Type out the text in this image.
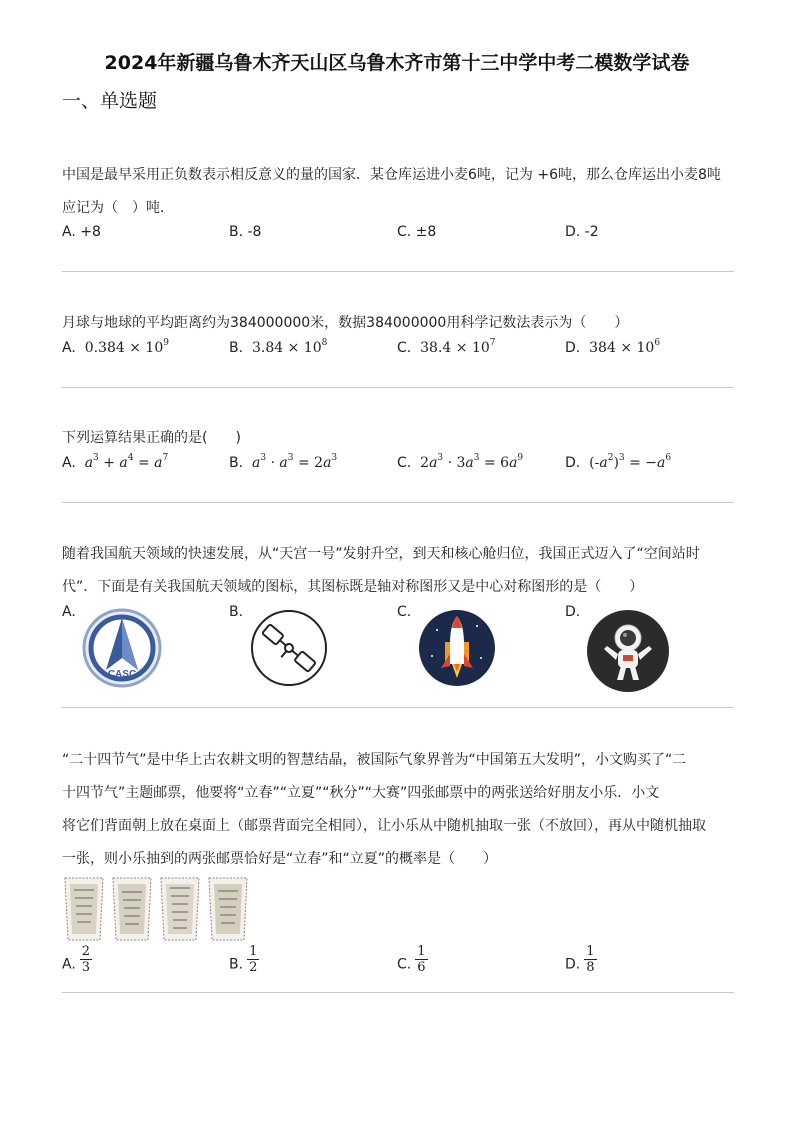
2024年新疆乌鲁木齐天山区乌鲁木齐市第十三中学中考二模数学试卷
一、单选题
中国是最早采用正负数表示相反意义的量的国家．某仓库运进小麦6吨，记为 +6吨，那么仓库运出小麦8吨
应记为（　）吨．
A. +8	B. -8	C. ±8	D. -2
月球与地球的平均距离约为384000000米，数据384000000用科学记数法表示为（　　）
A. $0.384 \times 10^9$	B. $3.84 \times 10^8$	C. $38.4 \times 10^7$	D. $384 \times 10^6$
下列运算结果正确的是(　　)
A. $a^3 + a^4 = a^7$	B. $a^3 \cdot a^3 = 2a^3$	C. $2a^3 \cdot 3a^3 = 6a^9$	D. $(-a^2)^3 = -a^6$
随着我国航天领域的快速发展，从“天宫一号”发射升空，到天和核心舱归位，我国正式迈入了“空间站时
代”．下面是有关我国航天领域的图标，其图标既是轴对称图形又是中心对称图形的是（　　）
A.
CASC
B.	C.	D.
“二十四节气”是中华上古农耕文明的智慧结晶，被国际气象界普为“中国第五大发明”，小文购买了“二
十四节气”主题邮票，他要将“立春”“立夏”“秋分”“大赛”四张邮票中的两张送给好朋友小乐．小文
将它们背面朝上放在桌面上（邮票背面完全相同），让小乐从中随机抽取一张（不放回），再从中随机抽取
一张，则小乐抽到的两张邮票恰好是“立春”和“立夏”的概率是（　　）
A. $\frac{2}{3}$	B. $\frac{1}{2}$	C. $\frac{1}{6}$	D. $\frac{1}{8}$
